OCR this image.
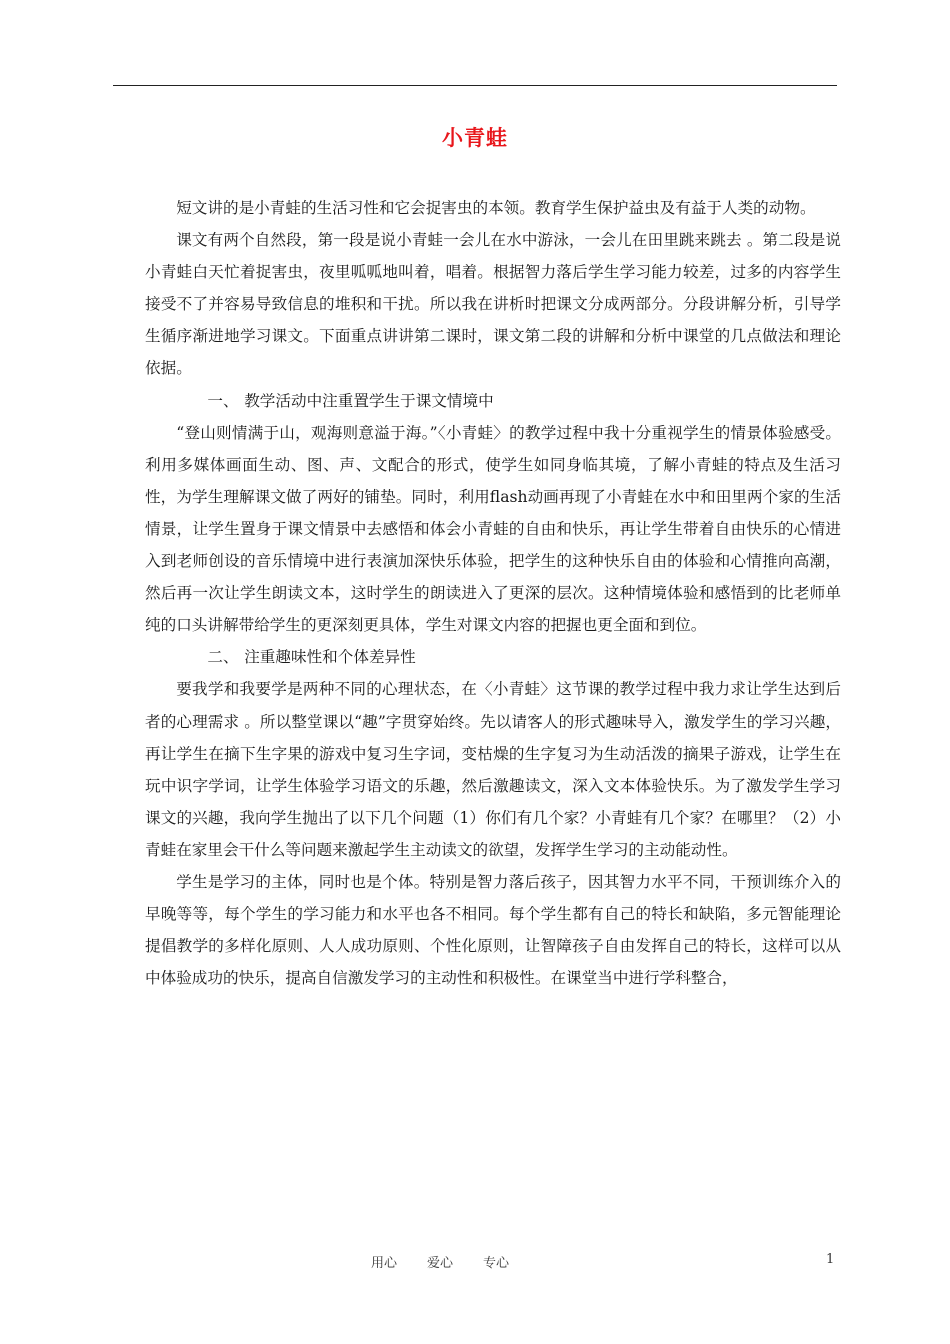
小青蛙

短文讲的是小青蛙的生活习性和它会捉害虫的本领。教育学生保护益虫及有益于人类的动物。

课文有两个自然段，第一段是说小青蛙一会儿在水中游泳，一会儿在田里跳来跳去 。第二段是说小青蛙白天忙着捉害虫，夜里呱呱地叫着，唱着。根据智力落后学生学习能力较差，过多的内容学生接受不了并容易导致信息的堆积和干扰。所以我在讲析时把课文分成两部分。分段讲解分析，引导学生循序渐进地学习课文。下面重点讲讲第二课时，课文第二段的讲解和分析中课堂的几点做法和理论依据。

一、 教学活动中注重置学生于课文情境中

“登山则情满于山，观海则意溢于海。”〈小青蛙〉的教学过程中我十分重视学生的情景体验感受。利用多媒体画面生动、图、声、文配合的形式，使学生如同身临其境，了解小青蛙的特点及生活习性，为学生理解课文做了两好的铺垫。同时，利用flash动画再现了小青蛙在水中和田里两个家的生活情景，让学生置身于课文情景中去感悟和体会小青蛙的自由和快乐，再让学生带着自由快乐的心情进入到老师创设的音乐情境中进行表演加深快乐体验，把学生的这种快乐自由的体验和心情推向高潮，然后再一次让学生朗读文本，这时学生的朗读进入了更深的层次。这种情境体验和感悟到的比老师单纯的口头讲解带给学生的更深刻更具体，学生对课文内容的把握也更全面和到位。

二、 注重趣味性和个体差异性

要我学和我要学是两种不同的心理状态，在〈小青蛙〉这节课的教学过程中我力求让学生达到后者的心理需求 。所以整堂课以“趣”字贯穿始终。先以请客人的形式趣味导入，激发学生的学习兴趣，再让学生在摘下生字果的游戏中复习生字词，变枯燥的生字复习为生动活泼的摘果子游戏，让学生在玩中识字学词，让学生体验学习语文的乐趣，然后激趣读文，深入文本体验快乐。为了激发学生学习课文的兴趣，我向学生抛出了以下几个问题（1）你们有几个家？小青蛙有几个家？在哪里？（2）小青蛙在家里会干什么等问题来激起学生主动读文的欲望，发挥学生学习的主动能动性。

学生是学习的主体，同时也是个体。特别是智力落后孩子，因其智力水平不同，干预训练介入的早晚等等，每个学生的学习能力和水平也各不相同。每个学生都有自己的特长和缺陷，多元智能理论提倡教学的多样化原则、人人成功原则、个性化原则，让智障孩子自由发挥自己的特长，这样可以从中体验成功的快乐，提高自信激发学习的主动性和积极性。在课堂当中进行学科整合，

用心 爱心 专心	1
